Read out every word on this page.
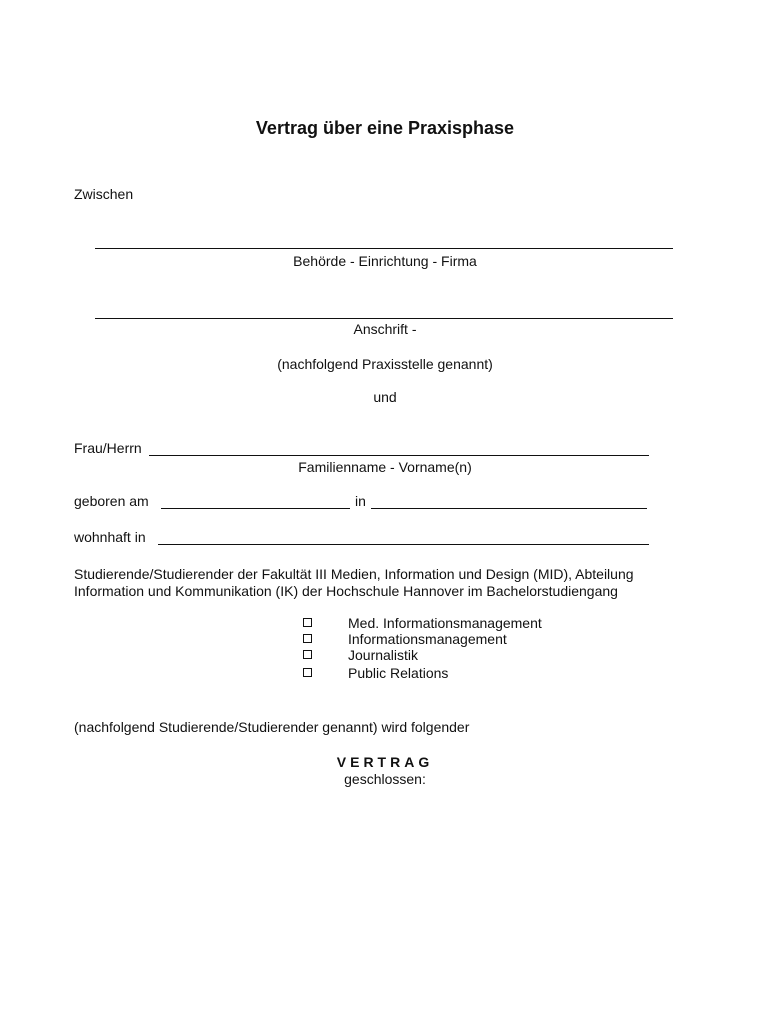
Vertrag über eine Praxisphase
Zwischen
Behörde - Einrichtung - Firma
Anschrift -
(nachfolgend Praxisstelle genannt)
und
Frau/Herrn
Familienname - Vorname(n)
geboren am	in
wohnhaft in
Studierende/Studierender der Fakultät III Medien, Information und Design (MID), Abteilung
Information und Kommunikation (IK) der Hochschule Hannover im Bachelorstudiengang
Med. Informationsmanagement
Informationsmanagement
Journalistik
Public Relations
(nachfolgend Studierende/Studierender genannt) wird folgender
VERTRAG
geschlossen:
